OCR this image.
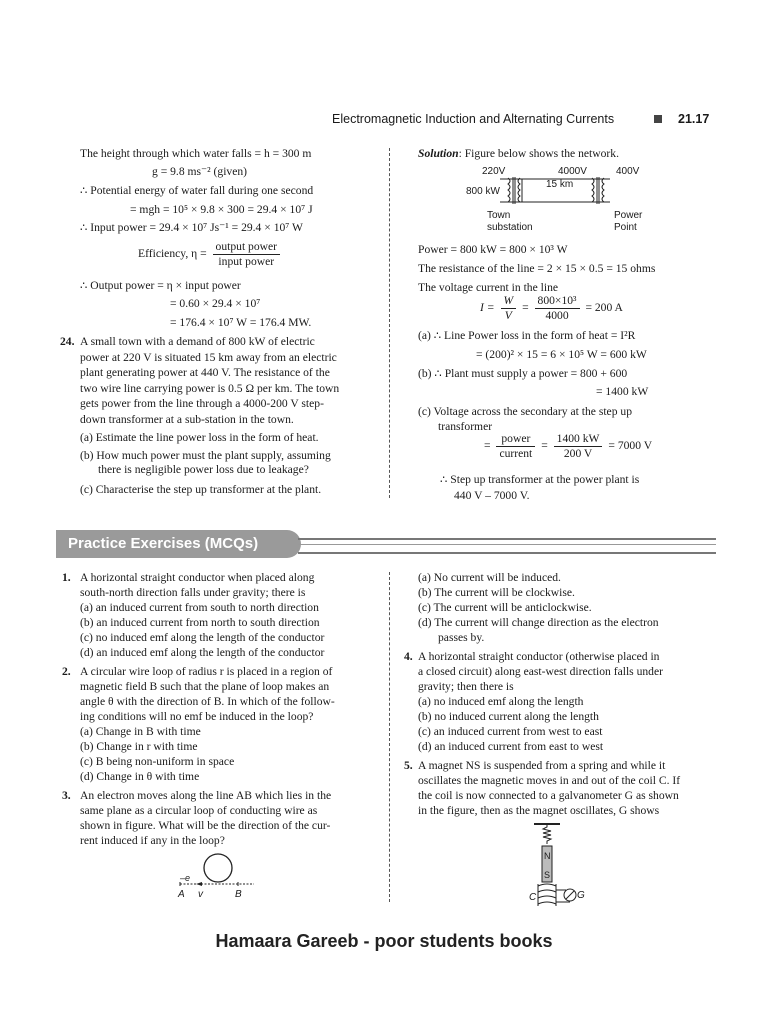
Electromagnetic Induction and Alternating Currents	21.17
The height through which water falls = h = 300 m
g = 9.8 ms⁻² (given)
∴ Potential energy of water fall during one second
= mgh = 10⁵ × 9.8 × 300 = 29.4 × 10⁷ J
∴ Input power = 29.4 × 10⁷ Js⁻¹ = 29.4 × 10⁷ W
Efficiency, $\eta = \frac{\text{output power}}{\text{input power}}$
∴ Output power = η × input power
= 0.60 × 29.4 × 10⁷
= 176.4 × 10⁷ W = 176.4 MW.
24. A small town with a demand of 800 kW of electric
power at 220 V is situated 15 km away from an electric
plant generating power at 440 V. The resistance of the
two wire line carrying power is 0.5 Ω per km. The town
gets power from the line through a 4000-200 V step-
down transformer at a sub-station in the town.
(a) Estimate the line power loss in the form of heat.
(b) How much power must the plant supply, assuming
there is negligible power loss due to leakage?
(c) Characterise the step up transformer at the plant.
Solution: Figure below shows the network.
220V	4000V	400V
15 km
800 kW
Town
substation
Power
Point
Power = 800 kW = 800 × 10³ W
The resistance of the line = 2 × 15 × 0.5 = 15 ohms
The voltage current in the line
$I = \frac{W}{V} = \frac{\text{800×10³}}{4000} = 200$ A
(a) ∴ Line Power loss in the form of heat = I²R
= (200)² × 15 = 6 × 10⁵ W = 600 kW
(b) ∴ Plant must supply a power = 800 + 600
= 1400 kW
(c) Voltage across the secondary at the step up
transformer
= $\frac{\text{power}}{\text{current}} = \frac{1400 kW}{200 V} = 7000$ V
∴ Step up transformer at the power plant is
440 V – 7000 V.
Practice Exercises (MCQs)
1. A horizontal straight conductor when placed along
south-north direction falls under gravity; there is
(a) an induced current from south to north direction
(b) an induced current from north to south direction
(c) no induced emf along the length of the conductor
(d) an induced emf along the length of the conductor
2. A circular wire loop of radius r is placed in a region of
magnetic field B such that the plane of loop makes an
angle θ with the direction of B. In which of the follow-
ing conditions will no emf be induced in the loop?
(a) Change in B with time
(b) Change in r with time
(c) B being non-uniform in space
(d) Change in θ with time
3. An electron moves along the line AB which lies in the
same plane as a circular loop of conducting wire as
shown in figure. What will be the direction of the cur-
rent induced if any in the loop?
–e
A v	B
(a) No current will be induced.
(b) The current will be clockwise.
(c) The current will be anticlockwise.
(d) The current will change direction as the electron
passes by.
4. A horizontal straight conductor (otherwise placed in
a closed circuit) along east-west direction falls under
gravity; then there is
(a) no induced emf along the length
(b) no induced current along the length
(c) an induced current from west to east
(d) an induced current from east to west
5. A magnet NS is suspended from a spring and while it
oscillates the magnetic moves in and out of the coil C. If
the coil is now connected to a galvanometer G as shown
in the figure, then as the magnet oscillates, G shows
N
S
C	G
Hamaara Gareeb - poor students books
